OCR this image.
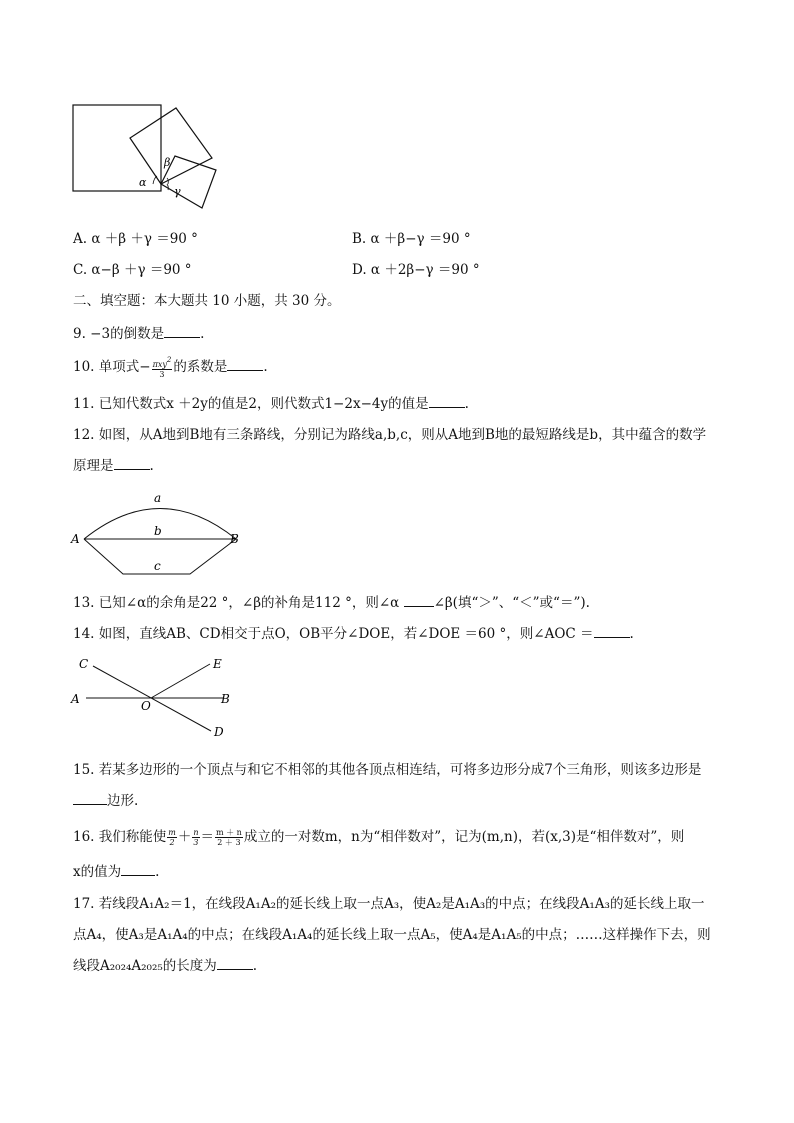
α
β
γ
A. α ＋β ＋γ ＝90 °	B. α ＋β−γ ＝90 °
C. α−β ＋γ ＝90 °	D. α ＋2β−γ ＝90 °
二、填空题：本大题共 10 小题，共 30 分。
9. −3的倒数是	.
10. 单项式− $\frac{\text{πxy2}}{3}$ 的系数是	.
11. 已知代数式x ＋2y的值是2，则代数式1−2x−4y的值是	.
12. 如图，从A地到B地有三条路线，分别记为路线a,b,c，则从A地到B地的最短路线是b，其中蕴含的数学
原理是	.
A	B
a
b
c
13. 已知∠α的余角是22 °，∠β的补角是112 °，则∠α ∠β(填“＞”、“＜”或“＝”).
14. 如图，直线AB、CD相交于点O，OB平分∠DOE，若∠DOE ＝60 °，则∠AOC ＝	.
C
A	O
E
B
D
15. 若某多边形的一个顶点与和它不相邻的其他各顶点相连结，可将多边形分成7个三角形，则该多边形是
边形.
16. 我们称能使 $\frac{m}{2} + \frac{n}{3} = \frac{m + n}{2 + 3}$ 成立的一对数m，n为“相伴数对”，记为(m,n)，若(x,3)是“相伴数对”，则
x的值为	.
17. 若线段A₁A₂＝1，在线段A₁A₂的延长线上取一点A₃，使A₂是A₁A₃的中点；在线段A₁A₃的延长线上取一
点A₄，使A₃是A₁A₄的中点；在线段A₁A₄的延长线上取一点A₅，使A₄是A₁A₅的中点；……这样操作下去，则
线段A₂₀₂₄A₂₀₂₅的长度为	.
